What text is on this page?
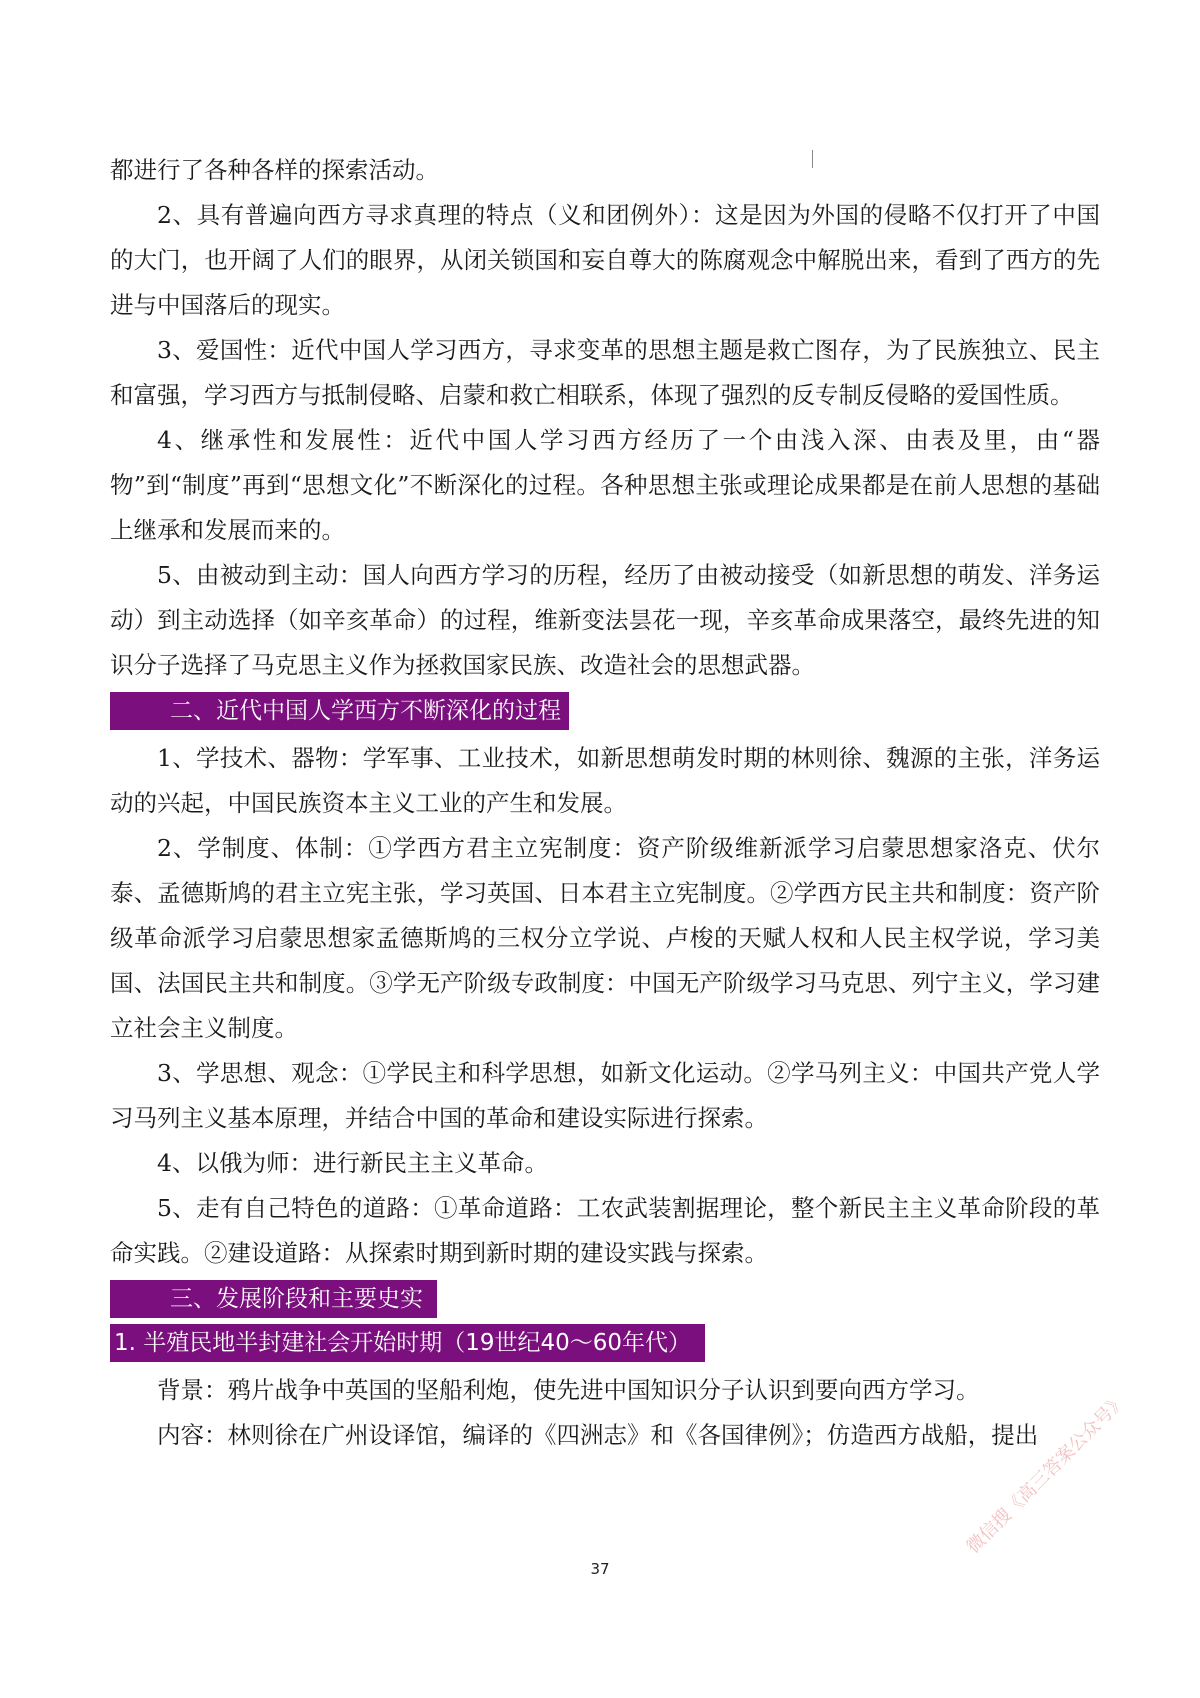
都进行了各种各样的探索活动。

2、具有普遍向西方寻求真理的特点（义和团例外）：这是因为外国的侵略不仅打开了中国的大门，也开阔了人们的眼界，从闭关锁国和妄自尊大的陈腐观念中解脱出来，看到了西方的先进与中国落后的现实。

3、爱国性：近代中国人学习西方，寻求变革的思想主题是救亡图存，为了民族独立、民主和富强，学习西方与抵制侵略、启蒙和救亡相联系，体现了强烈的反专制反侵略的爱国性质。

4、继承性和发展性：近代中国人学习西方经历了一个由浅入深、由表及里，由“器物”到“制度”再到“思想文化”不断深化的过程。各种思想主张或理论成果都是在前人思想的基础上继承和发展而来的。

5、由被动到主动：国人向西方学习的历程，经历了由被动接受（如新思想的萌发、洋务运动）到主动选择（如辛亥革命）的过程，维新变法昙花一现，辛亥革命成果落空，最终先进的知识分子选择了马克思主义作为拯救国家民族、改造社会的思想武器。

二、近代中国人学西方不断深化的过程

1、学技术、器物：学军事、工业技术，如新思想萌发时期的林则徐、魏源的主张，洋务运动的兴起，中国民族资本主义工业的产生和发展。

2、学制度、体制：①学西方君主立宪制度：资产阶级维新派学习启蒙思想家洛克、伏尔泰、孟德斯鸠的君主立宪主张，学习英国、日本君主立宪制度。②学西方民主共和制度：资产阶级革命派学习启蒙思想家孟德斯鸠的三权分立学说、卢梭的天赋人权和人民主权学说，学习美国、法国民主共和制度。③学无产阶级专政制度：中国无产阶级学习马克思、列宁主义，学习建立社会主义制度。

3、学思想、观念：①学民主和科学思想，如新文化运动。②学马列主义：中国共产党人学习马列主义基本原理，并结合中国的革命和建设实际进行探索。

4、以俄为师：进行新民主主义革命。

5、走有自己特色的道路：①革命道路：工农武装割据理论，整个新民主主义革命阶段的革命实践。②建设道路：从探索时期到新时期的建设实践与探索。

三、发展阶段和主要史实
1. 半殖民地半封建社会开始时期（19世纪40～60年代）

背景：鸦片战争中英国的坚船利炮，使先进中国知识分子认识到要向西方学习。

内容：林则徐在广州设译馆，编译的《四洲志》和《各国律例》；仿造西方战船，提出

37
微信搜《高三答案公众号》
